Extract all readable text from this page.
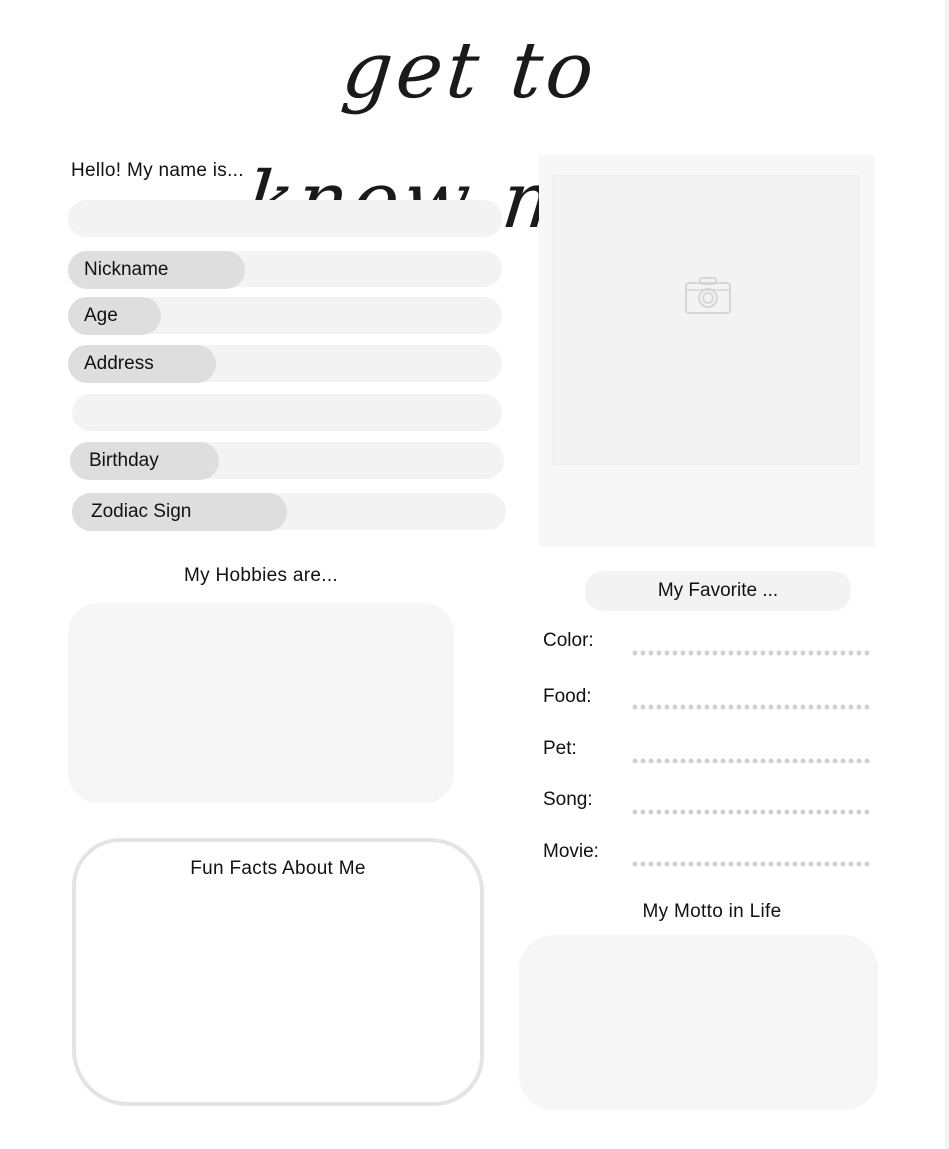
get to
Hello! My name is...
Nickname
Age
Address
Birthday
Zodiac Sign
My Hobbies are...
Fun Facts About Me
My Favorite ...
Color:
Food:
Pet:
Song:
Movie:
My Motto in Life
